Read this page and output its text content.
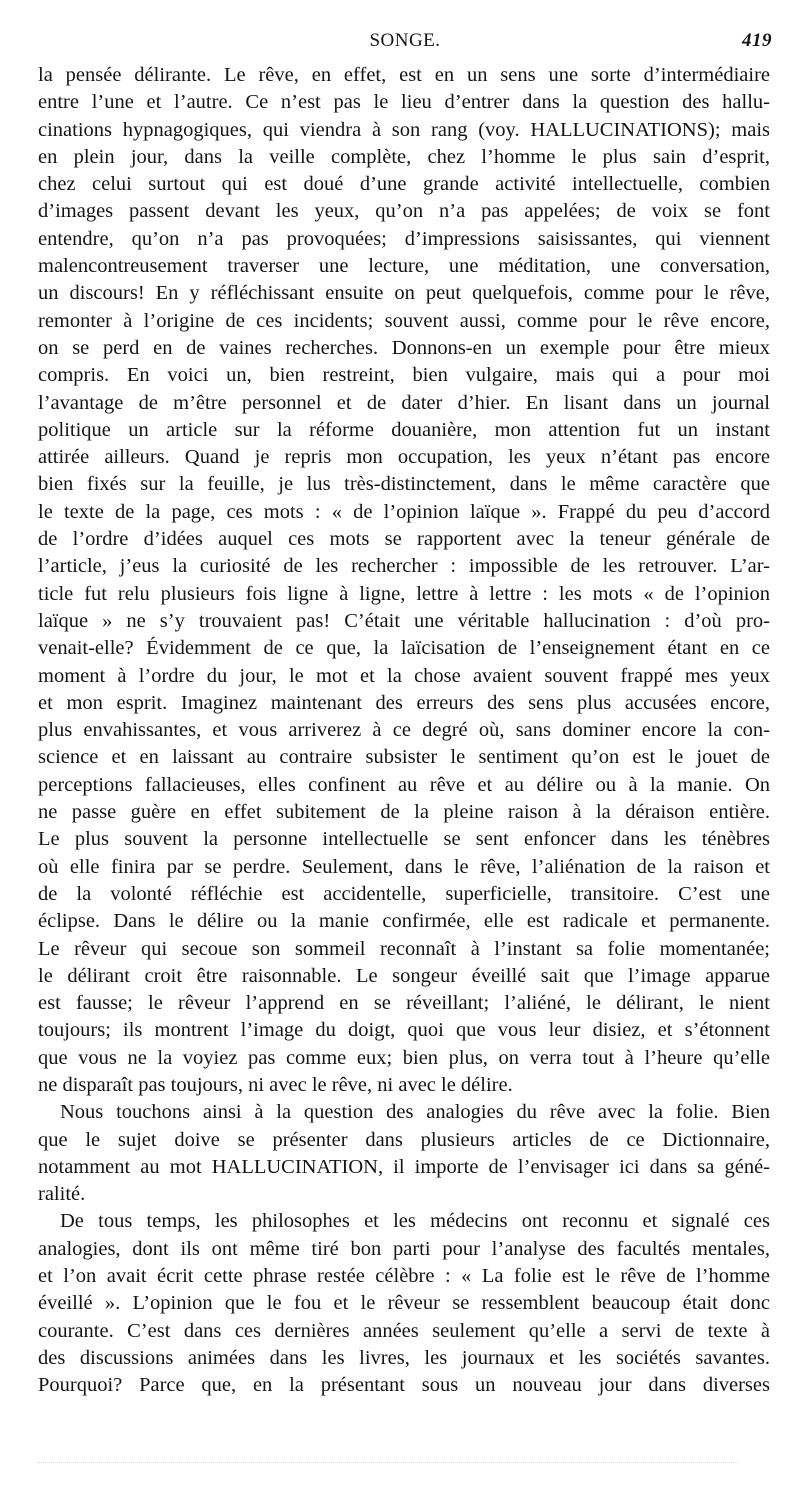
SONGE.	419
la pensée délirante. Le rêve, en effet, est en un sens une sorte d’intermédiaire
entre l’une et l’autre. Ce n’est pas le lieu d’entrer dans la question des hallu-
cinations hypnagogiques, qui viendra à son rang (voy. HALLUCINATIONS); mais
en plein jour, dans la veille complète, chez l’homme le plus sain d’esprit,
chez celui surtout qui est doué d’une grande activité intellectuelle, combien
d’images passent devant les yeux, qu’on n’a pas appelées; de voix se font
entendre, qu’on n’a pas provoquées; d’impressions saisissantes, qui viennent
malencontreusement traverser une lecture, une méditation, une conversation,
un discours! En y réfléchissant ensuite on peut quelquefois, comme pour le rêve,
remonter à l’origine de ces incidents; souvent aussi, comme pour le rêve encore,
on se perd en de vaines recherches. Donnons-en un exemple pour être mieux
compris. En voici un, bien restreint, bien vulgaire, mais qui a pour moi
l’avantage de m’être personnel et de dater d’hier. En lisant dans un journal
politique un article sur la réforme douanière, mon attention fut un instant
attirée ailleurs. Quand je repris mon occupation, les yeux n’étant pas encore
bien fixés sur la feuille, je lus très-distinctement, dans le même caractère que
le texte de la page, ces mots : « de l’opinion laïque ». Frappé du peu d’accord
de l’ordre d’idées auquel ces mots se rapportent avec la teneur générale de
l’article, j’eus la curiosité de les rechercher : impossible de les retrouver. L’ar-
ticle fut relu plusieurs fois ligne à ligne, lettre à lettre : les mots « de l’opinion
laïque » ne s’y trouvaient pas! C’était une véritable hallucination : d’où pro-
venait-elle? Évidemment de ce que, la laïcisation de l’enseignement étant en ce
moment à l’ordre du jour, le mot et la chose avaient souvent frappé mes yeux
et mon esprit. Imaginez maintenant des erreurs des sens plus accusées encore,
plus envahissantes, et vous arriverez à ce degré où, sans dominer encore la con-
science et en laissant au contraire subsister le sentiment qu’on est le jouet de
perceptions fallacieuses, elles confinent au rêve et au délire ou à la manie. On
ne passe guère en effet subitement de la pleine raison à la déraison entière.
Le plus souvent la personne intellectuelle se sent enfoncer dans les ténèbres
où elle finira par se perdre. Seulement, dans le rêve, l’aliénation de la raison et
de la volonté réfléchie est accidentelle, superficielle, transitoire. C’est une
éclipse. Dans le délire ou la manie confirmée, elle est radicale et permanente.
Le rêveur qui secoue son sommeil reconnaît à l’instant sa folie momentanée;
le délirant croit être raisonnable. Le songeur éveillé sait que l’image apparue
est fausse; le rêveur l’apprend en se réveillant; l’aliéné, le délirant, le nient
toujours; ils montrent l’image du doigt, quoi que vous leur disiez, et s’étonnent
que vous ne la voyiez pas comme eux; bien plus, on verra tout à l’heure qu’elle
ne disparaît pas toujours, ni avec le rêve, ni avec le délire.
Nous touchons ainsi à la question des analogies du rêve avec la folie. Bien
que le sujet doive se présenter dans plusieurs articles de ce Dictionnaire,
notamment au mot HALLUCINATION, il importe de l’envisager ici dans sa géné-
ralité.
De tous temps, les philosophes et les médecins ont reconnu et signalé ces
analogies, dont ils ont même tiré bon parti pour l’analyse des facultés mentales,
et l’on avait écrit cette phrase restée célèbre : « La folie est le rêve de l’homme
éveillé ». L’opinion que le fou et le rêveur se ressemblent beaucoup était donc
courante. C’est dans ces dernières années seulement qu’elle a servi de texte à
des discussions animées dans les livres, les journaux et les sociétés savantes.
Pourquoi? Parce que, en la présentant sous un nouveau jour dans diverses
